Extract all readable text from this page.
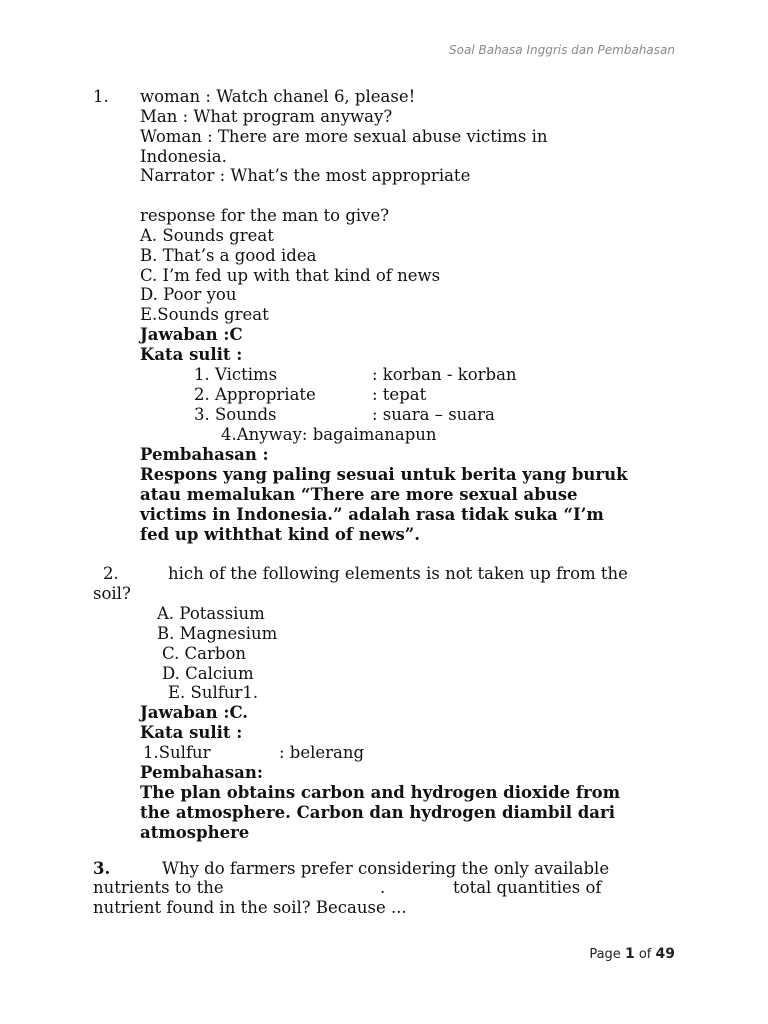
Soal Bahasa Inggris dan Pembahasan
1. woman : Watch chanel 6, please!
Man : What program anyway?
Woman : There are more sexual abuse victims in
Indonesia.
Narrator : What’s the most appropriate
response for the man to give?
A. Sounds great
B. That’s a good idea
C. I’m fed up with that kind of news
D. Poor you
E.Sounds great
Jawaban :C
Kata sulit :
1. Victims	: korban - korban
2. Appropriate	: tepat
3. Sounds	: suara – suara
4.Anyway: bagaimanapun
Pembahasan :
Respons yang paling sesuai untuk berita yang buruk
atau memalukan “There are more sexual abuse
victims in Indonesia.” adalah rasa tidak suka “I’m
fed up withthat kind of news”.
2.	hich of the following elements is not taken up from the
soil?
A. Potassium
B. Magnesium
C. Carbon
D. Calcium
E. Sulfur1.
Jawaban :C.
Kata sulit :
1.Sulfur	: belerang
Pembahasan:
The plan obtains carbon and hydrogen dioxide from
the atmosphere. Carbon dan hydrogen diambil dari
atmosphere
3.	Why do farmers prefer considering the only available
nutrients to the	.	total quantities of
nutrient found in the soil? Because ...
Page 1 of 49
